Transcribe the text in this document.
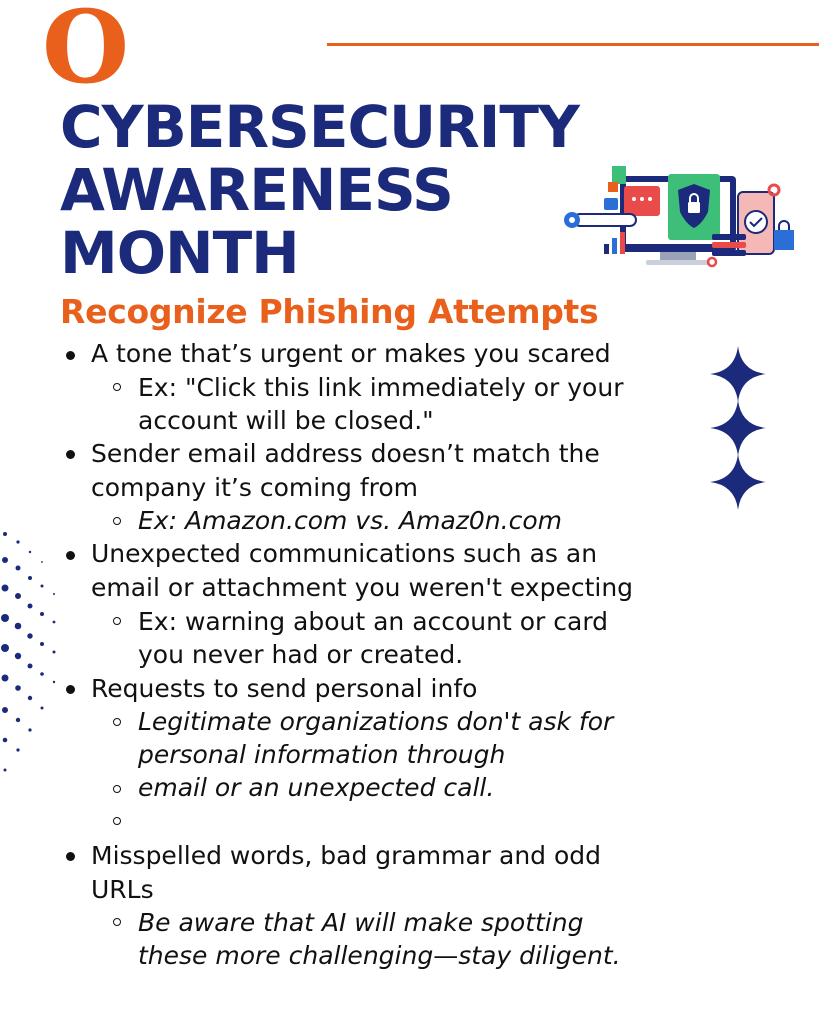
O
CYBERSECURITY
AWARENESS
MONTH
Recognize Phishing Attempts
A tone that’s urgent or makes you scared
Ex: "Click this link immediately or your
account will be closed."
Sender email address doesn’t match the
company it’s coming from
Ex: Amazon.com vs. Amaz0n.com
Unexpected communications such as an
email or attachment you weren't expecting
Ex: warning about an account or card
you never had or created.
Requests to send personal info
Legitimate organizations don't ask for
personal information through
email or an unexpected call.
Misspelled words, bad grammar and odd
URLs
Be aware that AI will make spotting
these more challenging—stay diligent.
